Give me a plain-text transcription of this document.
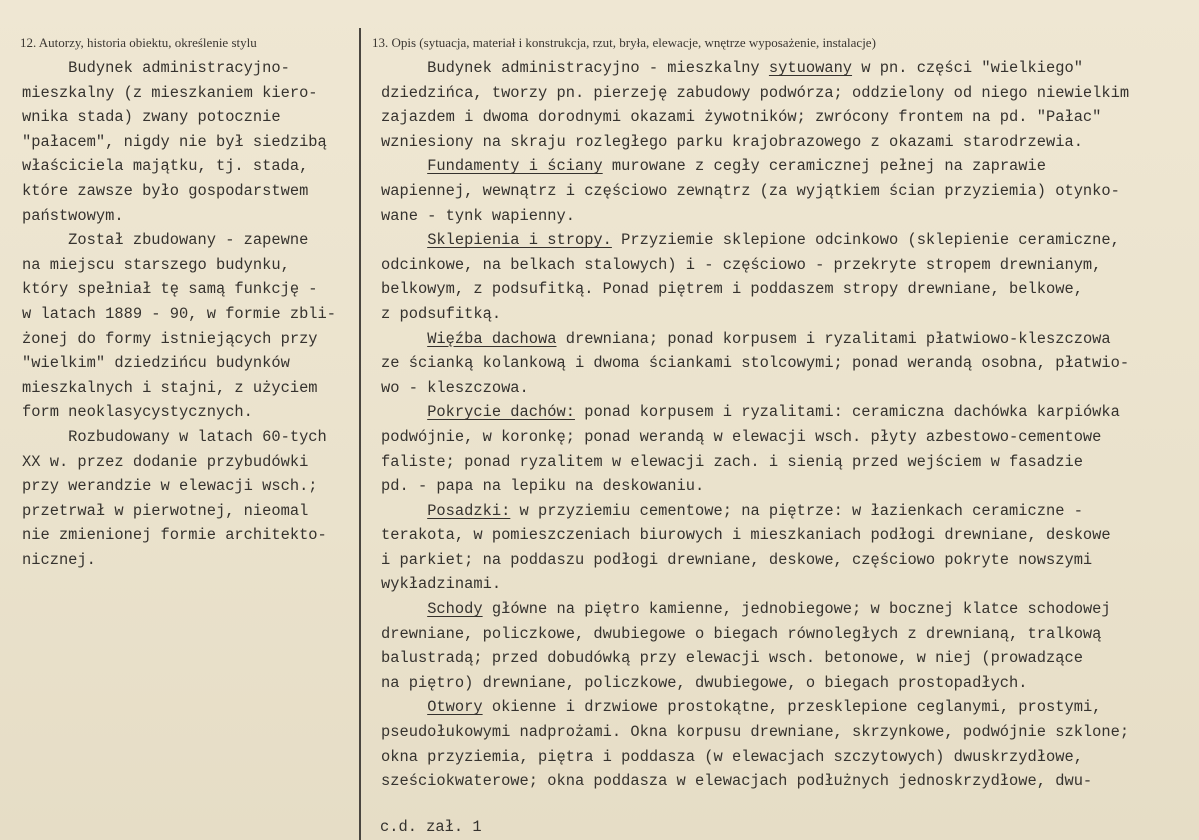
12. Autorzy, historia obiektu, określenie stylu	13. Opis (sytuacja, materiał i konstrukcja, rzut, bryła, elewacje, wnętrze wyposażenie, instalacje)
Budynek administracyjno-
mieszkalny (z mieszkaniem kiero-
wnika stada) zwany potocznie
"pałacem", nigdy nie był siedzibą
właściciela majątku, tj. stada,
które zawsze było gospodarstwem
państwowym.
Został zbudowany - zapewne
na miejscu starszego budynku,
który spełniał tę samą funkcję -
w latach 1889 - 90, w formie zbli-
żonej do formy istniejących przy
"wielkim" dziedzińcu budynków
mieszkalnych i stajni, z użyciem
form neoklasycystycznych.
Rozbudowany w latach 60-tych
XX w. przez dodanie przybudówki
przy werandzie w elewacji wsch.;
przetrwał w pierwotnej, nieomal
nie zmienionej formie architekto-
nicznej.
Budynek administracyjno - mieszkalny sytuowany w pn. części "wielkiego"
dziedzińca, tworzy pn. pierzeję zabudowy podwórza; oddzielony od niego niewielkim
zajazdem i dwoma dorodnymi okazami żywotników; zwrócony frontem na pd. "Pałac"
wzniesiony na skraju rozległego parku krajobrazowego z okazami starodrzewia.
Fundamenty i ściany murowane z cegły ceramicznej pełnej na zaprawie
wapiennej, wewnątrz i częściowo zewnątrz (za wyjątkiem ścian przyziemia) otynko-
wane - tynk wapienny.
Sklepienia i stropy. Przyziemie sklepione odcinkowo (sklepienie ceramiczne,
odcinkowe, na belkach stalowych) i - częściowo - przekryte stropem drewnianym,
belkowym, z podsufitką. Ponad piętrem i poddaszem stropy drewniane, belkowe,
z podsufitką.
Więźba dachowa drewniana; ponad korpusem i ryzalitami płatwiowo-kleszczowa
ze ścianką kolankową i dwoma ściankami stolcowymi; ponad werandą osobna, płatwio-
wo - kleszczowa.
Pokrycie dachów: ponad korpusem i ryzalitami: ceramiczna dachówka karpiówka
podwójnie, w koronkę; ponad werandą w elewacji wsch. płyty azbestowo-cementowe
faliste; ponad ryzalitem w elewacji zach. i sienią przed wejściem w fasadzie
pd. - papa na lepiku na deskowaniu.
Posadzki: w przyziemiu cementowe; na piętrze: w łazienkach ceramiczne -
terakota, w pomieszczeniach biurowych i mieszkaniach podłogi drewniane, deskowe
i parkiet; na poddaszu podłogi drewniane, deskowe, częściowo pokryte nowszymi
wykładzinami.
Schody główne na piętro kamienne, jednobiegowe; w bocznej klatce schodowej
drewniane, policzkowe, dwubiegowe o biegach równoległych z drewnianą, tralkową
balustradą; przed dobudówką przy elewacji wsch. betonowe, w niej (prowadzące
na piętro) drewniane, policzkowe, dwubiegowe, o biegach prostopadłych.
Otwory okienne i drzwiowe prostokątne, przesklepione ceglanymi, prostymi,
pseudołukowymi nadprożami. Okna korpusu drewniane, skrzynkowe, podwójnie szklone;
okna przyziemia, piętra i poddasza (w elewacjach szczytowych) dwuskrzydłowe,
sześciokwaterowe; okna poddasza w elewacjach podłużnych jednoskrzydłowe, dwu-
c.d. zał. 1
